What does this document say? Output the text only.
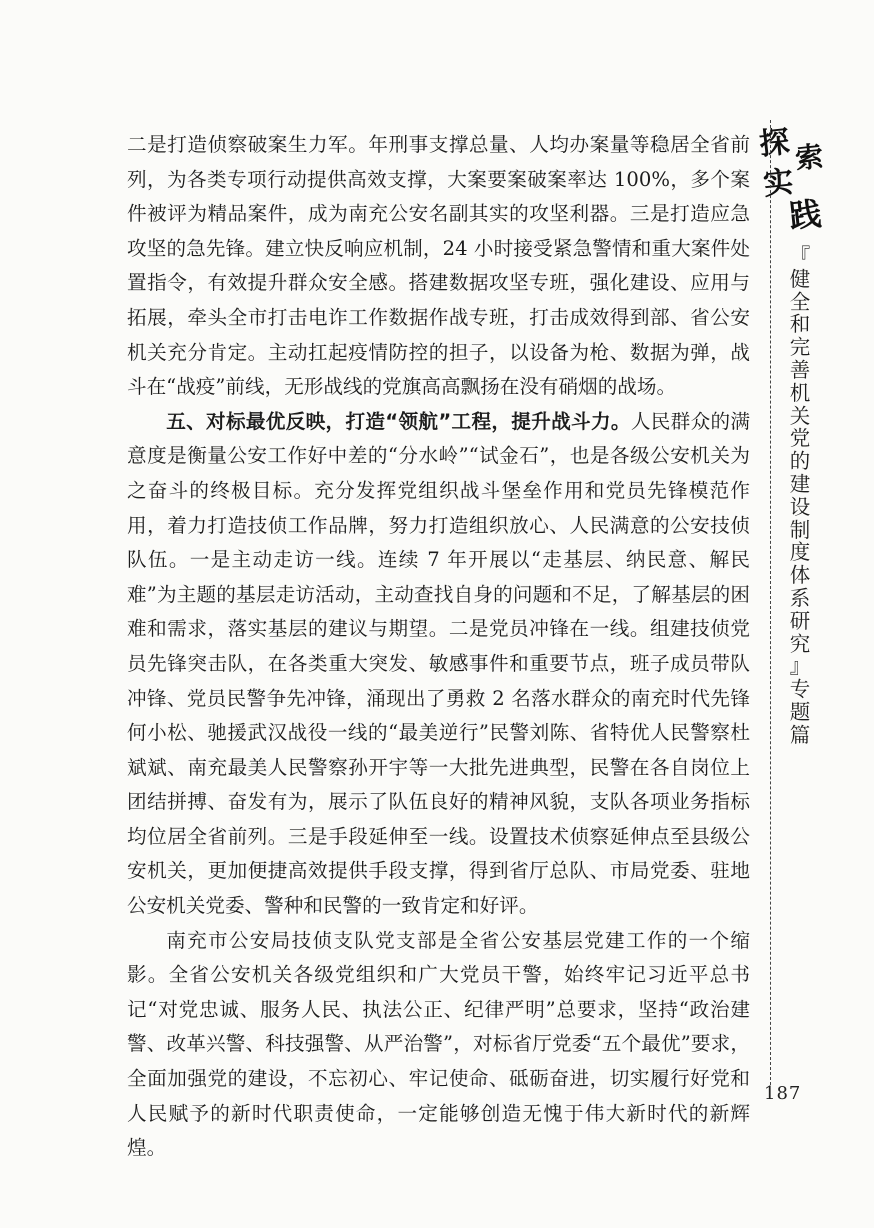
探 索
实
践
『
健
全
和
完
善
机
关
党
的
建
设
制
度
体
系
研
究
』
专
题
篇

二是打造侦察破案生力军。年刑事支撑总量、人均办案量等稳居全省前列，为各类专项行动提供高效支撑，大案要案破案率达 100%，多个案件被评为精品案件，成为南充公安名副其实的攻坚利器。三是打造应急攻坚的急先锋。建立快反响应机制，24 小时接受紧急警情和重大案件处置指令，有效提升群众安全感。搭建数据攻坚专班，强化建设、应用与拓展，牵头全市打击电诈工作数据作战专班，打击成效得到部、省公安机关充分肯定。主动扛起疫情防控的担子，以设备为枪、数据为弹，战斗在“战疫”前线，无形战线的党旗高高飘扬在没有硝烟的战场。

五、对标最优反映，打造“领航”工程，提升战斗力。人民群众的满意度是衡量公安工作好中差的“分水岭”“试金石”，也是各级公安机关为之奋斗的终极目标。充分发挥党组织战斗堡垒作用和党员先锋模范作用，着力打造技侦工作品牌，努力打造组织放心、人民满意的公安技侦队伍。一是主动走访一线。连续 7 年开展以“走基层、纳民意、解民难”为主题的基层走访活动，主动查找自身的问题和不足，了解基层的困难和需求，落实基层的建议与期望。二是党员冲锋在一线。组建技侦党员先锋突击队，在各类重大突发、敏感事件和重要节点，班子成员带队冲锋、党员民警争先冲锋，涌现出了勇救 2 名落水群众的南充时代先锋何小松、驰援武汉战役一线的“最美逆行”民警刘陈、省特优人民警察杜斌斌、南充最美人民警察孙开宇等一大批先进典型，民警在各自岗位上团结拼搏、奋发有为，展示了队伍良好的精神风貌，支队各项业务指标均位居全省前列。三是手段延伸至一线。设置技术侦察延伸点至县级公安机关，更加便捷高效提供手段支撑，得到省厅总队、市局党委、驻地公安机关党委、警种和民警的一致肯定和好评。

南充市公安局技侦支队党支部是全省公安基层党建工作的一个缩影。全省公安机关各级党组织和广大党员干警，始终牢记习近平总书记“对党忠诚、服务人民、执法公正、纪律严明”总要求，坚持“政治建警、改革兴警、科技强警、从严治警”，对标省厅党委“五个最优”要求，全面加强党的建设，不忘初心、牢记使命、砥砺奋进，切实履行好党和人民赋予的新时代职责使命，一定能够创造无愧于伟大新时代的新辉煌。

187
